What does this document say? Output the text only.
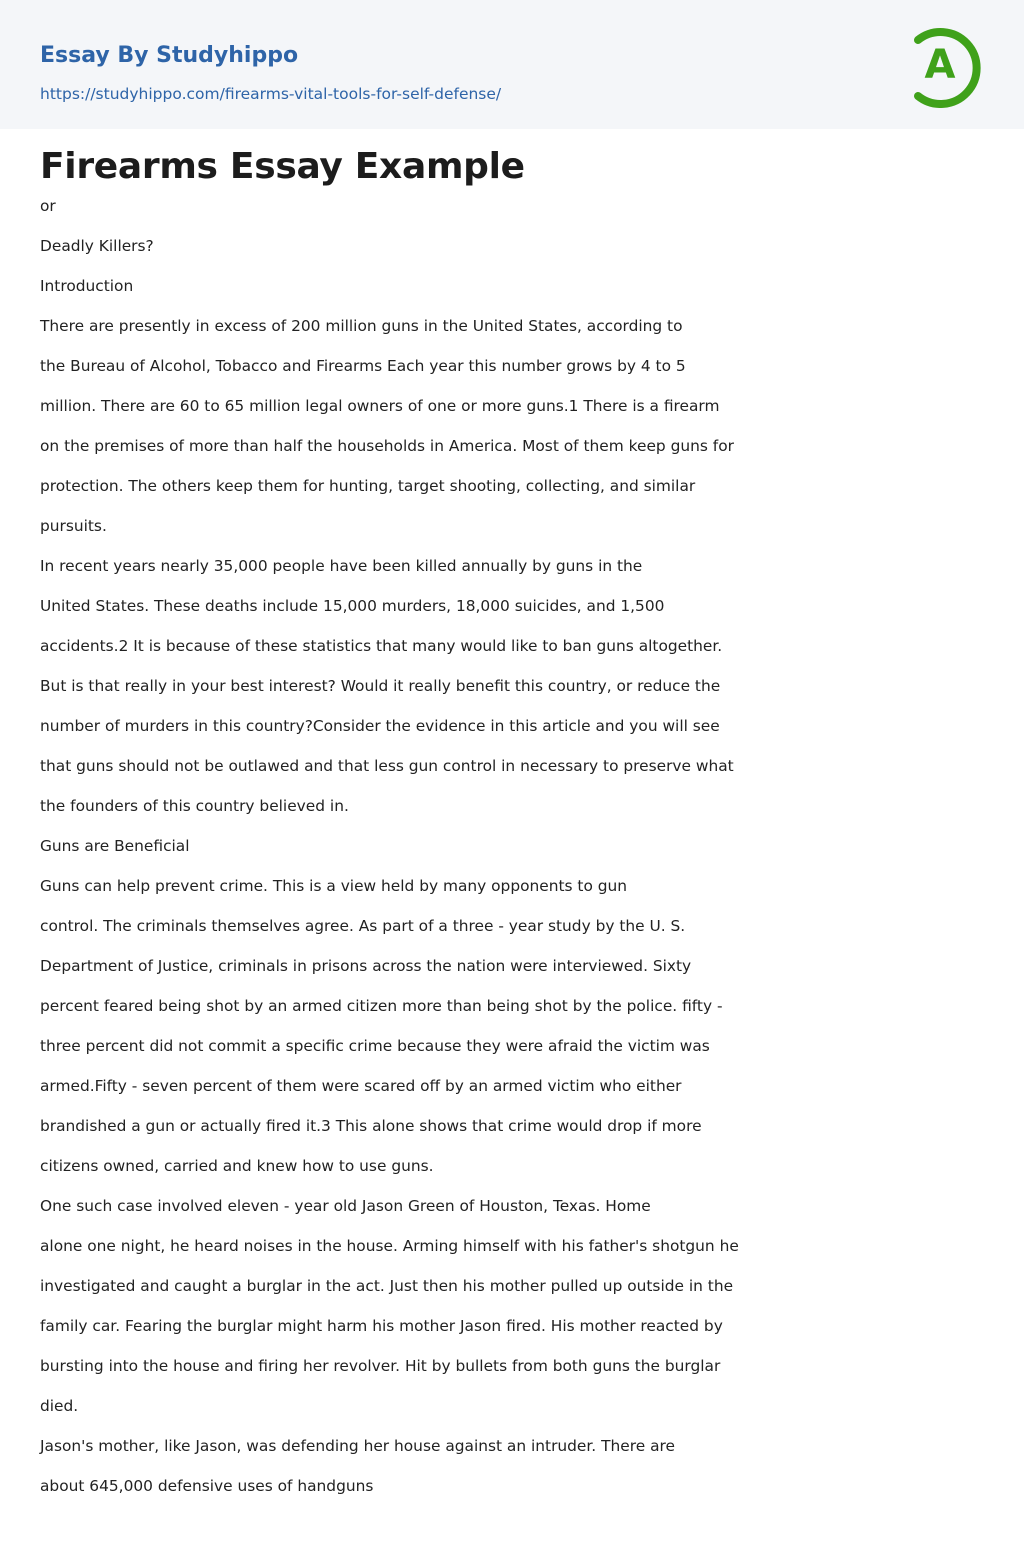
Essay By Studyhippo
https://studyhippo.com/firearms-vital-tools-for-self-defense/
A
Firearms Essay Example
or
Deadly Killers?
Introduction
There are presently in excess of 200 million guns in the United States, according to
the Bureau of Alcohol, Tobacco and Firearms Each year this number grows by 4 to 5
million. There are 60 to 65 million legal owners of one or more guns.1 There is a firearm
on the premises of more than half the households in America. Most of them keep guns for
protection. The others keep them for hunting, target shooting, collecting, and similar
pursuits.
In recent years nearly 35,000 people have been killed annually by guns in the
United States. These deaths include 15,000 murders, 18,000 suicides, and 1,500
accidents.2 It is because of these statistics that many would like to ban guns altogether.
But is that really in your best interest? Would it really benefit this country, or reduce the
number of murders in this country?Consider the evidence in this article and you will see
that guns should not be outlawed and that less gun control in necessary to preserve what
the founders of this country believed in.
Guns are Beneficial
Guns can help prevent crime. This is a view held by many opponents to gun
control. The criminals themselves agree. As part of a three - year study by the U. S.
Department of Justice, criminals in prisons across the nation were interviewed. Sixty
percent feared being shot by an armed citizen more than being shot by the police. fifty -
three percent did not commit a specific crime because they were afraid the victim was
armed.Fifty - seven percent of them were scared off by an armed victim who either
brandished a gun or actually fired it.3 This alone shows that crime would drop if more
citizens owned, carried and knew how to use guns.
One such case involved eleven - year old Jason Green of Houston, Texas. Home
alone one night, he heard noises in the house. Arming himself with his father's shotgun he
investigated and caught a burglar in the act. Just then his mother pulled up outside in the
family car. Fearing the burglar might harm his mother Jason fired. His mother reacted by
bursting into the house and firing her revolver. Hit by bullets from both guns the burglar
died.
Jason's mother, like Jason, was defending her house against an intruder. There are
about 645,000 defensive uses of handguns
